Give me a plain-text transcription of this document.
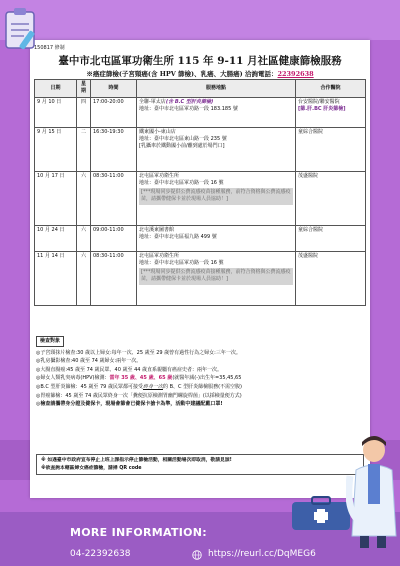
150817 修制
臺中市北屯區軍功衛生所 115 年 9-11 月社區健康篩檢服務
※癌症篩檢(子宮頸癌(含 HPV 篩檢)、乳癌、大腸癌) 洽詢電話：22392638
日期	星期	時間	服務地點	合作醫院
9 月 10 日	四	17:00-20:00	全聯-軍太店(含 B.C 型肝炎篩檢)
地址：臺中市北屯區軍功路一段 183.185 號	台安醫院/聯安醫院
[篩.肝.BC 肝炎篩檢]

9 月 15 日	二	16:30-19:30	鐵東國小-東山店
地址：臺中市北屯區東山路一段 235 號
[乳攝車於鐵動國小前/離到處於場門口]	童綜合醫院
10 月 17 日	六	08:30-11:00	北屯區軍功衛生所
地址：臺中市北屯區軍功路一段 16 號
[***現場同步提供公費流感疫苗接種服務，前符合資格與公費流感疫苗，請攜帶健保卡並於現場人員協助！]	茂盛醫院
10 月 24 日	六	09:00-11:00	北屯溪東圖書館
地址：臺中市北屯區福九路 499 號	童綜合醫院
11 月 14 日	六	08:30-11:00	北屯區軍功衛生所
地址：臺中市北屯區軍功路一段 16 號
[***現場同步提供公費流感疫苗接種服務，前符合資格與公費流感疫苗，請攜帶健保卡並於現場人員協助！]	茂盛醫院
檢查對象
◎子宮頸抹片檢查:30 歲以上婦女:每年一次、25 歲至 29 歲曾有過性行為之婦女:三年一次。
◎乳房攝影檢查:40 歲至 74 歲婦女:兩年一次。
◎大腸直腸癌:45 歲至 74 歲民眾、40 歲至 44 歲直系親屬有癌症史者：兩年一次。
◎婦女人類乳突病毒(HPV)檢測：當年 35 歲、45 歲、65 歲(就醫年減(-)出生年=35,45,65
◎B.C 型肝炎篩檢：45 歲至 79 歲民眾都可接受終身一次的 B、C 型肝炎篩檢服務(不需空腹)
◎胃癌篩檢：45 歲至 74 歲民眾終身一次「糞便抗原檢測胃幽門螺旋桿菌」(以採檢量便方式)
◎檢查請攜帶身分證及健保卡，現場會篩會已健保卡搶卡為準，活動中建議配戴口罩!
※ 如遇臺中市政府宣布停止上班上課指示停止篩檢活動，相關活動場次即取消，敬請見諒!
※欲查詢本轄區婦女癌症篩檢，請掃 QR code
MORE INFORMATION:
04-22392638	https://reurl.cc/DqMEG6
